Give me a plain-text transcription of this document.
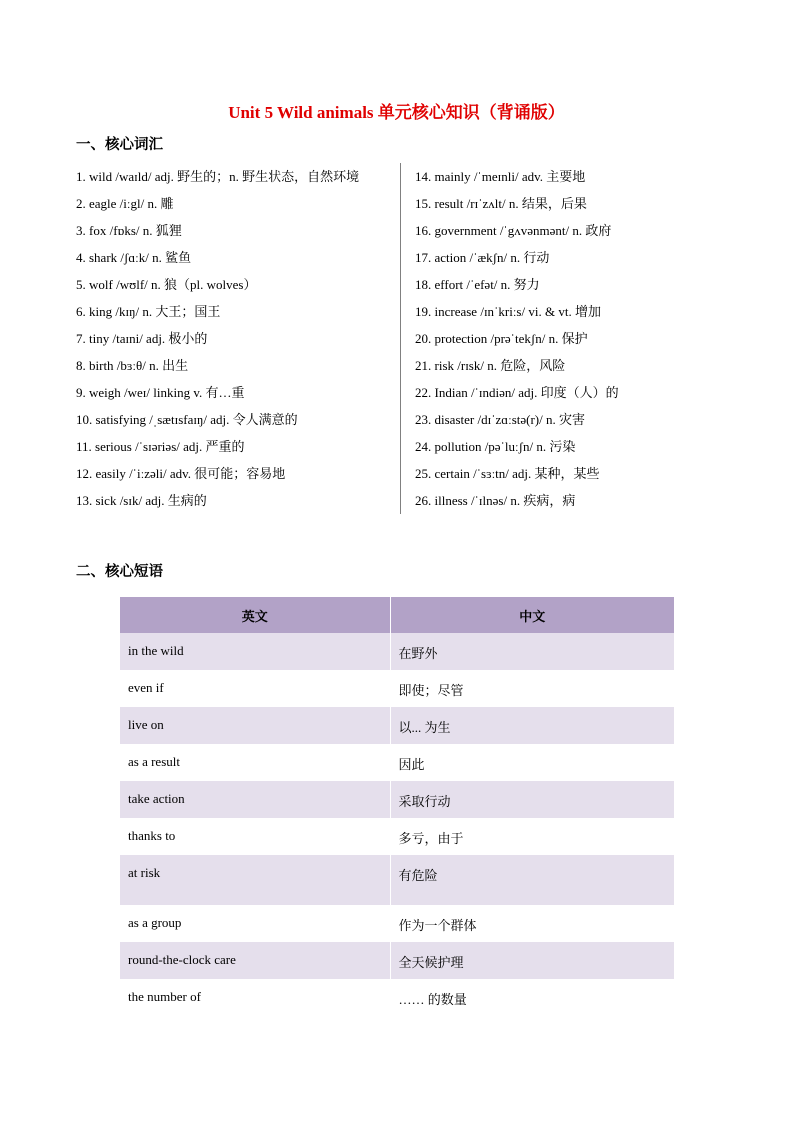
Unit 5 Wild animals 单元核心知识（背诵版）
一、核心词汇
1. wild /waɪld/ adj. 野生的；n. 野生状态，自然环境
2. eagle /iːgl/ n. 雕
3. fox /fɒks/ n. 狐狸
4. shark /ʃɑːk/ n. 鲨鱼
5. wolf /wʊlf/ n. 狼（pl. wolves）
6. king /kɪŋ/ n. 大王；国王
7. tiny /taɪni/ adj. 极小的
8. birth /bɜːθ/ n. 出生
9. weigh /weɪ/ linking v. 有…重
10. satisfying /ˌsætɪsfaɪŋ/ adj. 令人满意的
11. serious /ˈsɪəriəs/ adj. 严重的
12. easily /ˈiːzəli/ adv. 很可能；容易地
13. sick /sɪk/ adj. 生病的
14. mainly /ˈmeɪnli/ adv. 主要地
15. result /rɪˈzʌlt/ n. 结果，后果
16. government /ˈgʌvənmənt/ n. 政府
17. action /ˈækʃn/ n. 行动
18. effort /ˈefət/ n. 努力
19. increase /ɪnˈkriːs/ vi. & vt. 增加
20. protection /prəˈtekʃn/ n. 保护
21. risk /rɪsk/ n. 危险，风险
22. Indian /ˈɪndiən/ adj. 印度（人）的
23. disaster /dɪˈzɑːstə(r)/ n. 灾害
24. pollution /pəˈluːʃn/ n. 污染
25. certain /ˈsɜːtn/ adj. 某种，某些
26. illness /ˈɪlnəs/ n. 疾病，病
二、核心短语
英文	中文
in the wild	在野外
even if	即使；尽管
live on	以... 为生
as a result	因此
take action	采取行动
thanks to	多亏，由于
at risk	有危险
as a group	作为一个群体
round-the-clock care	全天候护理
the number of	…… 的数量
